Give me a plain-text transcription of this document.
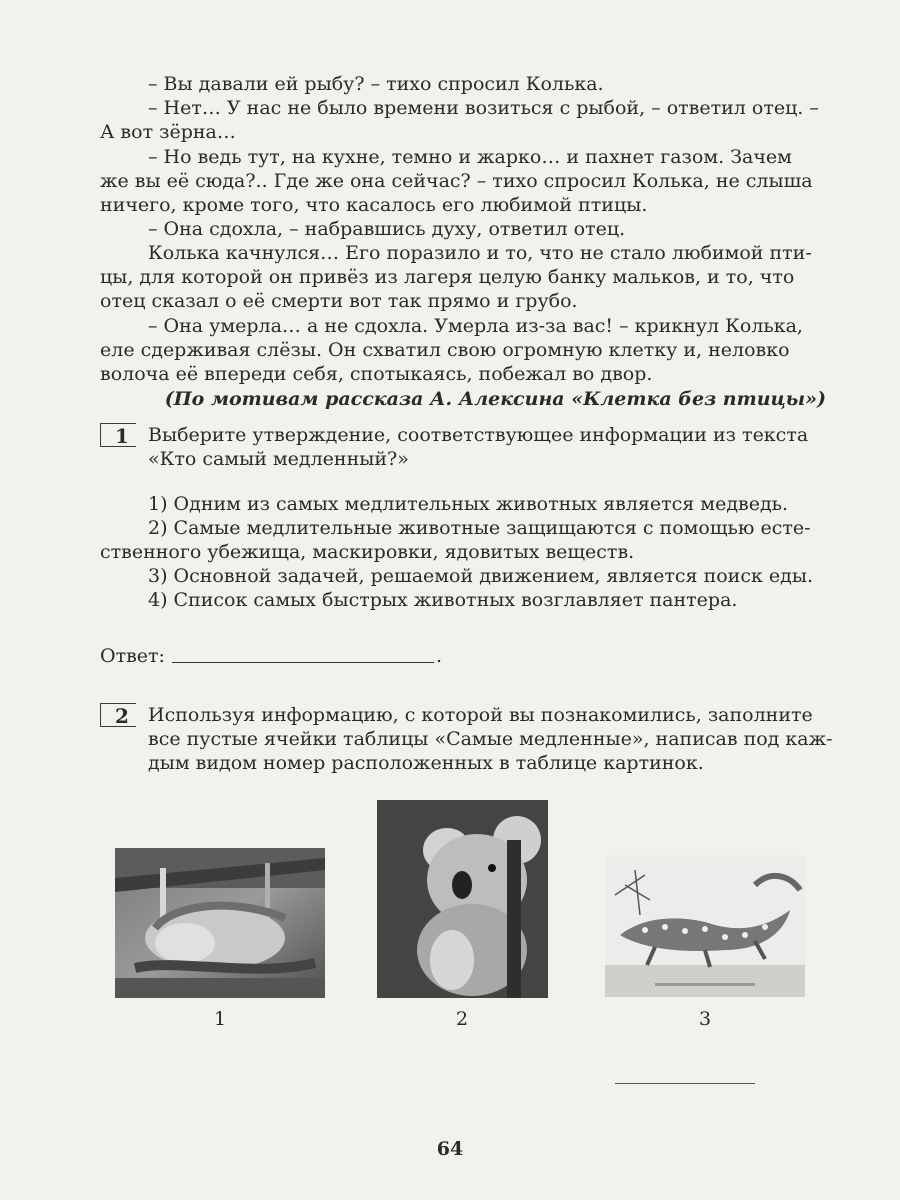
– Вы давали ей рыбу? – тихо спросил Колька.

– Нет… У нас не было времени возиться с рыбой, – ответил отец. –

А вот зёрна…

– Но ведь тут, на кухне, темно и жарко… и пахнет газом. Зачем

же вы её сюда?.. Где же она сейчас? – тихо спросил Колька, не слыша

ничего, кроме того, что касалось его любимой птицы.

– Она сдохла, – набравшись духу, ответил отец.

Колька качнулся… Его поразило и то, что не стало любимой пти-

цы, для которой он привёз из лагеря целую банку мальков, и то, что

отец сказал о её смерти вот так прямо и грубо.

– Она умерла… а не сдохла. Умерла из-за вас! – крикнул Колька,

еле сдерживая слёзы. Он схватил свою огромную клетку и, неловко

волоча её впереди себя, спотыкаясь, побежал во двор.

(По мотивам рассказа А. Алексина «Клетка без птицы»)

1	Выберите утверждение, соответствующее информации из текста
«Кто самый медленный?»

1) Одним из самых медлительных животных является медведь.

2) Самые медлительные животные защищаются с помощью есте-

ственного убежища, маскировки, ядовитых веществ.

3) Основной задачей, решаемой движением, является поиск еды.

4) Список самых быстрых животных возглавляет пантера.

Ответ:	.
2	Используя информацию, с которой вы познакомились, заполните
все пустые ячейки таблицы «Самые медленные», написав под каж-
дым видом номер расположенных в таблице картинок.
1	2	3
64
